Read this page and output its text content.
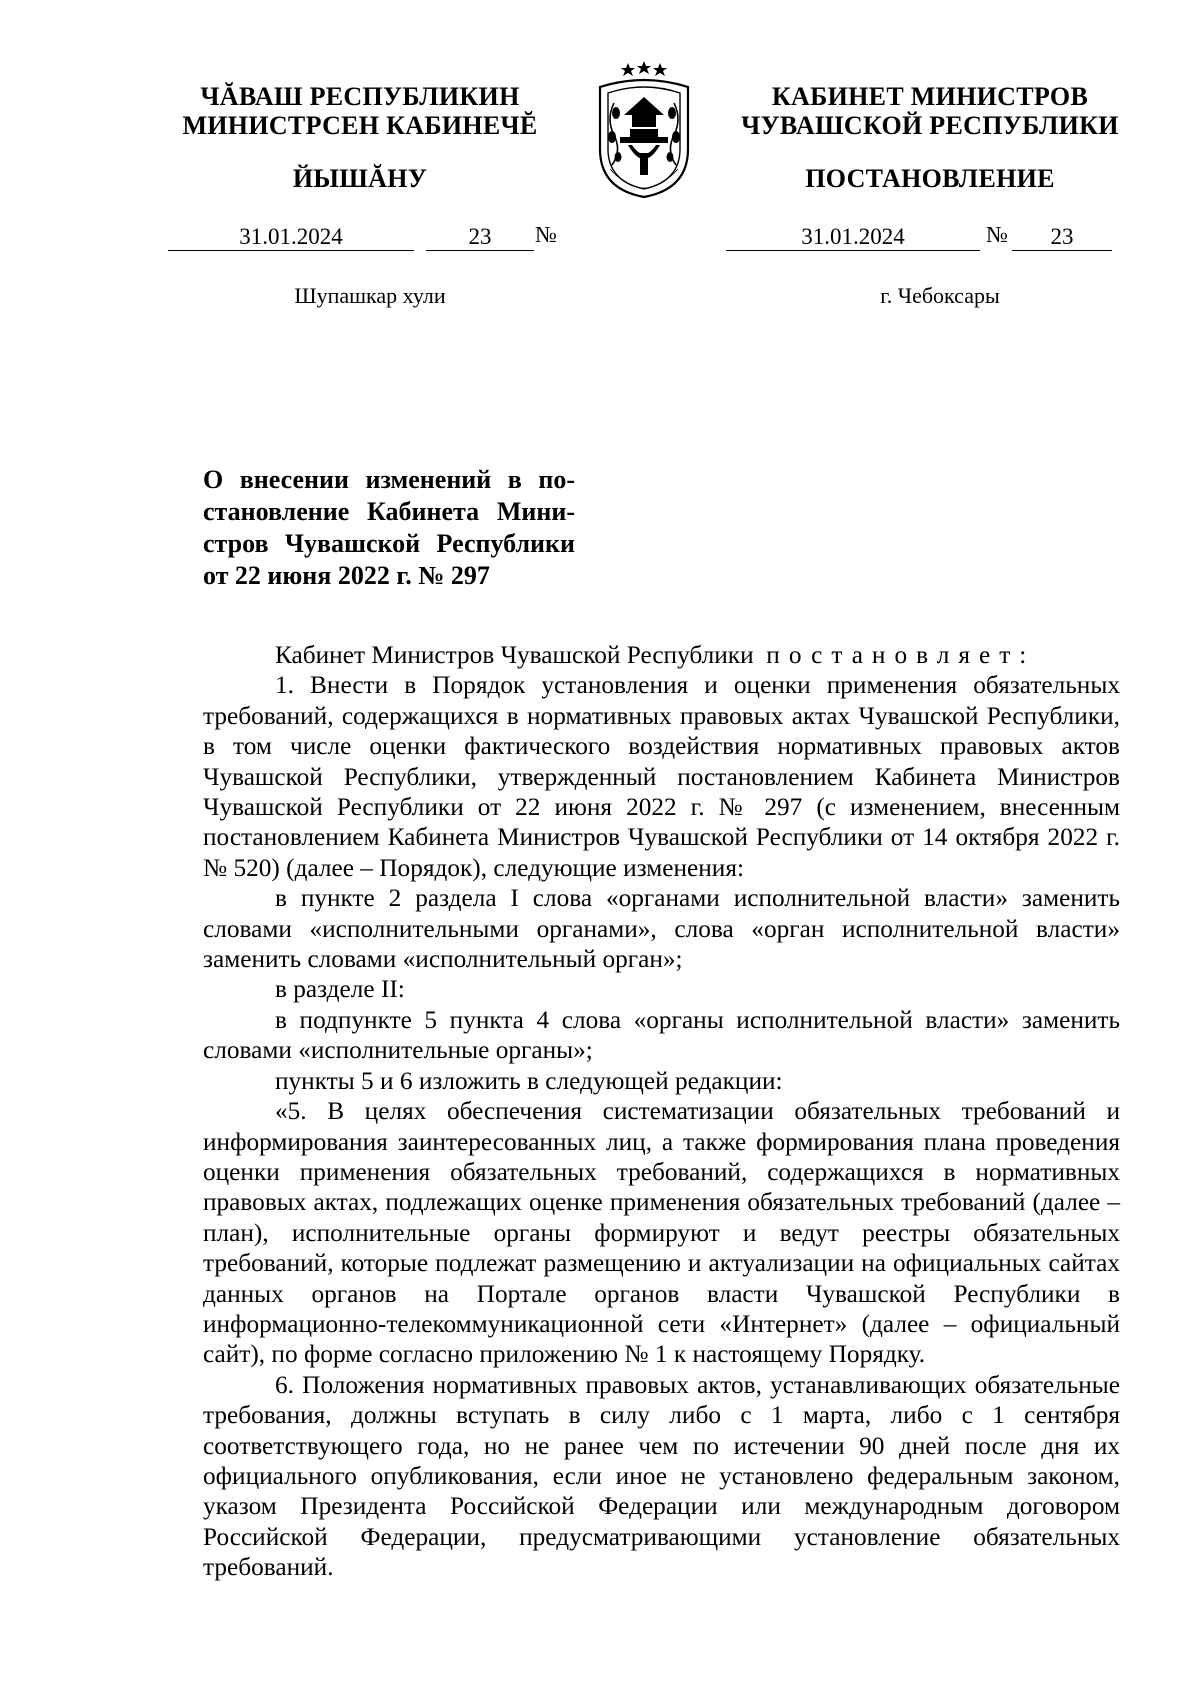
ЧĂВАШ РЕСПУБЛИКИН
МИНИСТРСЕН КАБИНЕЧĔ
ЙЫШĂНУ
31.01.2024	23	№
Шупашкар хули
КАБИНЕТ МИНИСТРОВ
ЧУВАШСКОЙ РЕСПУБЛИКИ
ПОСТАНОВЛЕНИЕ
31.01.2024	№	23
г. Чебоксары
О внесении изменений в по-
становление Кабинета Мини-
стров Чувашской Республики
от 22 июня 2022 г. № 297

Кабинет Министров Чувашской Республики постановляет:

1. Внести в Порядок установления и оценки применения обязательных требований, содержащихся в нормативных правовых актах Чувашской Республики, в том числе оценки фактического воздействия нормативных правовых актов Чувашской Республики, утвержденный постановлением Кабинета Министров Чувашской Республики от 22 июня 2022 г. № 297 (с изменением, внесенным постановлением Кабинета Министров Чувашской Республики от 14 октября 2022 г. № 520) (далее – Порядок), следующие изменения:

в пункте 2 раздела I слова «органами исполнительной власти» заменить словами «исполнительными органами», слова «орган исполнительной власти» заменить словами «исполнительный орган»;

в разделе II:

в подпункте 5 пункта 4 слова «органы исполнительной власти» заменить словами «исполнительные органы»;

пункты 5 и 6 изложить в следующей редакции:

«5. В целях обеспечения систематизации обязательных требований и информирования заинтересованных лиц, а также формирования плана проведения оценки применения обязательных требований, содержащихся в нормативных правовых актах, подлежащих оценке применения обязательных требований (далее – план), исполнительные органы формируют и ведут реестры обязательных требований, которые подлежат размещению и актуализации на официальных сайтах данных органов на Портале органов власти Чувашской Республики в информационно-телекоммуникационной сети «Интернет» (далее – официальный сайт), по форме согласно приложению № 1 к настоящему Порядку.

6. Положения нормативных правовых актов, устанавливающих обязательные требования, должны вступать в силу либо с 1 марта, либо с 1 сентября соответствующего года, но не ранее чем по истечении 90 дней после дня их официального опубликования, если иное не установлено федеральным законом, указом Президента Российской Федерации или международным договором Российской Федерации, предусматривающими установление обязательных требований.
